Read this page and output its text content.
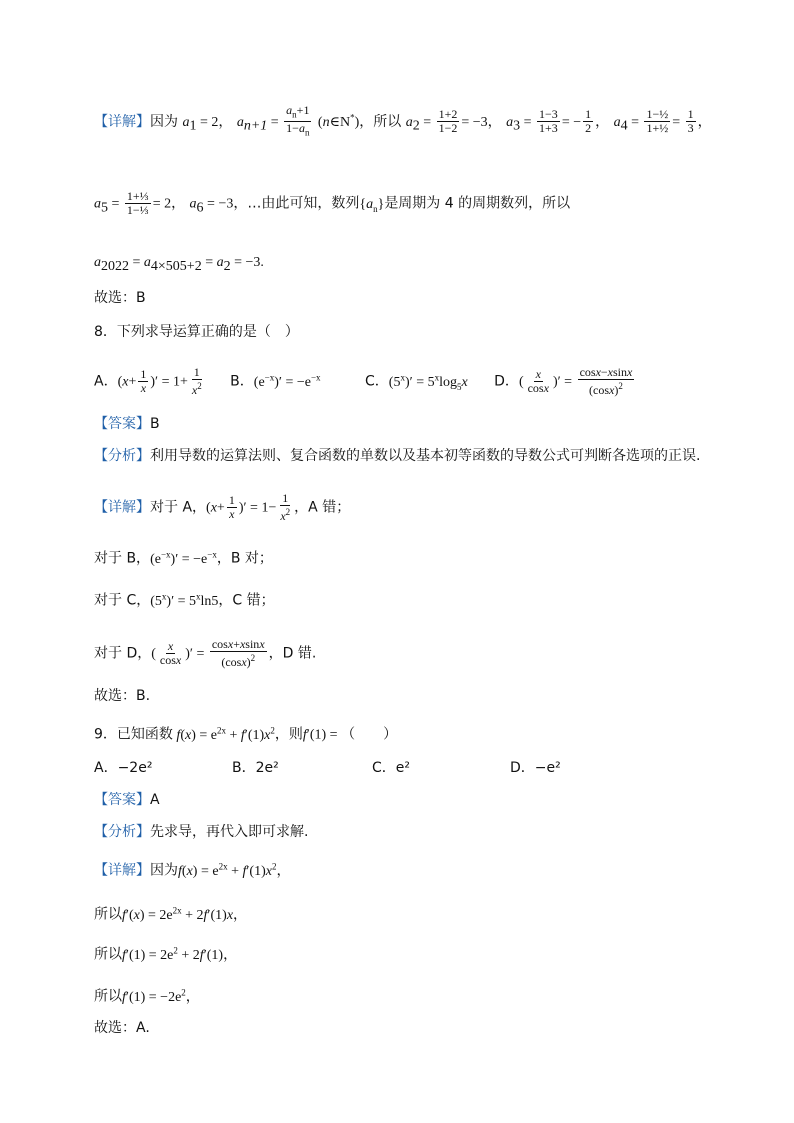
【详解】因为 $a_1 = 2$， $a_{n+1} = \frac{a_n+1}{1-a_n}$ (n∈N*)，所以 $a_2 = \frac{1+2}{1-2} = -3$， $a_3 = \frac{1-3}{1+3}$ = − $\frac{1}{2}$ ， $a_4 = \frac{\text{1−½}}{\text{1+½}} = \frac{1}{3}$ ，
$a_5 = \frac{\text{1+⅓}}{\text{1−⅓}} = 2$， $a_6 = -3$，…由此可知，数列$\{a_n\}$是周期为 4 的周期数列，所以
$a_{2022} = a_{4\times 505+2} = a_2 = -3$.
故选：B
8．下列求导运算正确的是（　）
A．($x+ \frac{1}{x}$ )′ = $1+ \frac{1}{x^2}$ B．$(e^{-x})' = -e^{-x}$	C．$(5^x)' = 5^x\log_5x$ D．( $\frac{x}{\cos x}$ )′ = $\frac{\cos x-xsinx}{(\cos x)^2}$
【答案】B
【分析】利用导数的运算法则、复合函数的单数以及基本初等函数的导数公式可判断各选项的正误.
【详解】对于 A，($x+ \frac{1}{x}$ )′ = $1- \frac{1}{x^2}$ ，A 错；
对于 B，$(e^{-x})' = -e^{-x}$，B 对；
对于 C，$(5^x)' = 5^x\ln 5$，C 错；
对于 D，( $\frac{x}{\cos x}$ )′ = $\frac{\cos x+xsinx}{(\cos x)^2}$ ，D 错.
故选：B.
9．已知函数 $f(x) = e^{2x} + f'(1)x^2$，则f′(1) = （　　）
A．−2e²	B．2e²	C．e²	D．−e²
【答案】A
【分析】先求导，再代入即可求解.
【详解】因为$f(x) = e^{2x} + f'(1)x^2$，
所以$f'(x) = 2e^{2x} + 2f'(1)x$，
所以$f'(1) = 2e^2 + 2f'(1)$，
所以$f'(1) = -2e^2$，
故选：A.
